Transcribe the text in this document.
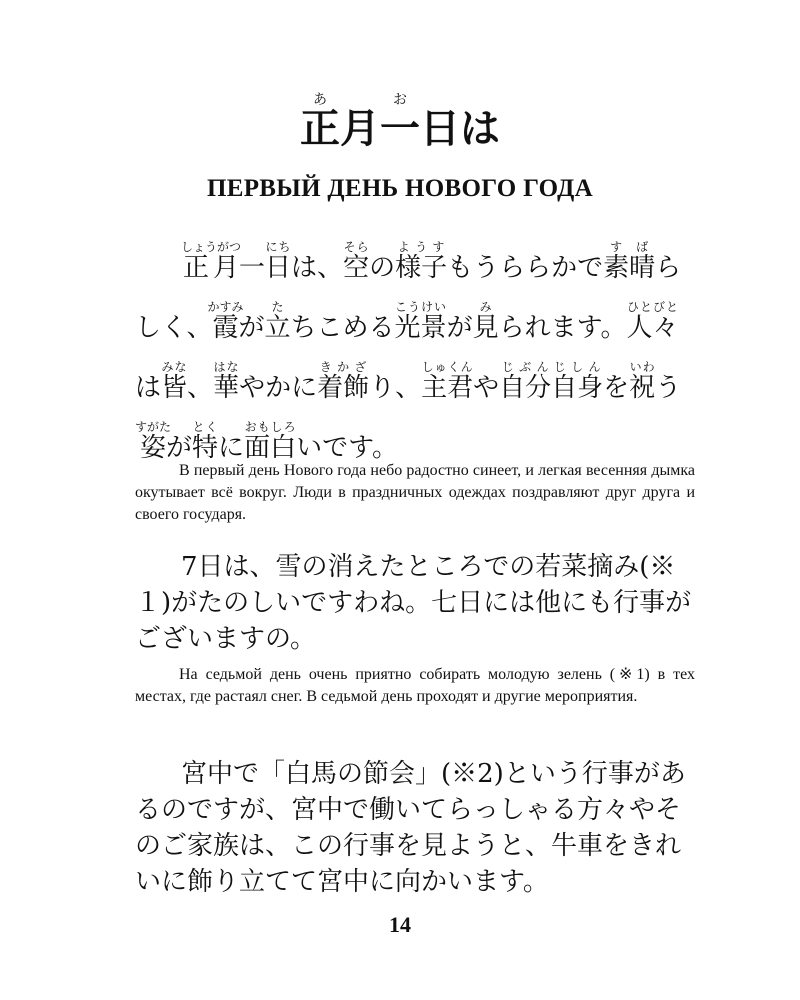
正あ月一お日は
ПЕРВЫЙ ДЕНЬ НОВОГО ГОДА

正月しょうがつ一日にちは、空そらの様子ようすもうららかで素晴すばらしく、霞かすみが立たちこめる光景こうけいが見みられます。人々ひとびとは皆みな、華はなやかに着飾きかざり、主君しゅくんや自分自身じぶんじしんを祝いわう姿すがたが特とくに面白おもしろいです。

В первый день Нового года небо радостно синеет, и легкая весенняя дымка окутывает всё вокруг. Люди в праздничных одеждах поздравляют друг друга и своего государя.

7日は、雪の消えたところでの若菜摘み(※１)がたのしいですわね。七日には他にも行事がございますの。

На седьмой день очень приятно собирать молодую зелень (※1) в тех местах, где растаял снег. В седьмой день проходят и другие мероприятия.

宮中で「白馬の節会」(※2)という行事があるのですが、宮中で働いてらっしゃる方々やそのご家族は、この行事を見ようと、牛車をきれいに飾り立てて宮中に向かいます。

14
